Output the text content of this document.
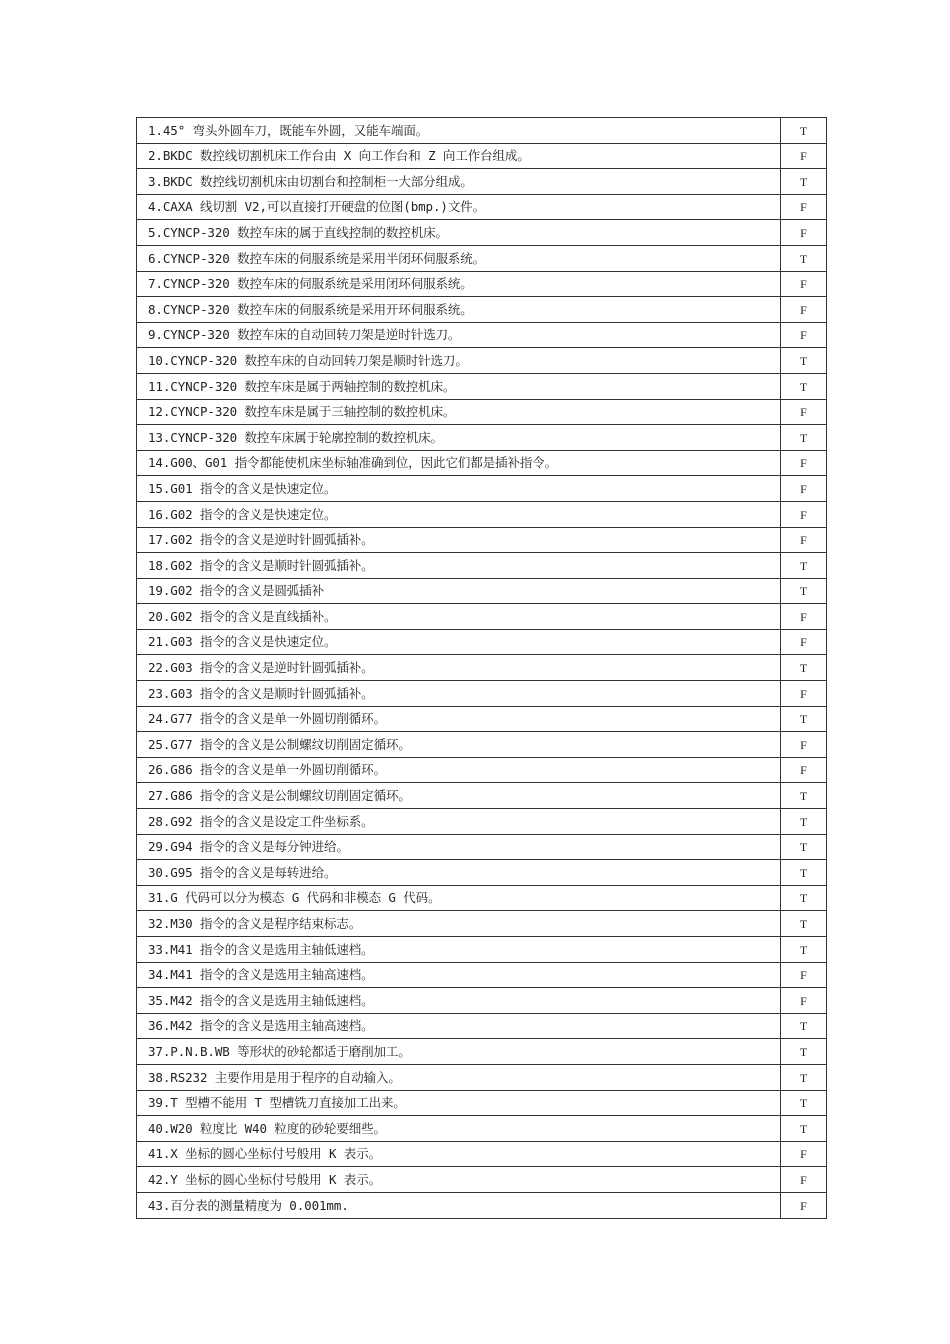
1.45° 弯头外圆车刀，既能车外圆，又能车端面。	T
2.BKDC 数控线切割机床工作台由 X 向工作台和 Z 向工作台组成。	F
3.BKDC 数控线切割机床由切割台和控制柜一大部分组成。	T
4.CAXA 线切割 V2,可以直接打开硬盘的位图(bmp.)文件。	F
5.CYNCP-320 数控车床的属于直线控制的数控机床。	F
6.CYNCP-320 数控车床的伺服系统是采用半闭环伺服系统。	T
7.CYNCP-320 数控车床的伺服系统是采用闭环伺服系统。	F
8.CYNCP-320 数控车床的伺服系统是采用开环伺服系统。	F
9.CYNCP-320 数控车床的自动回转刀架是逆时针选刀。	F
10.CYNCP-320 数控车床的自动回转刀架是顺时针选刀。	T
11.CYNCP-320 数控车床是属于两轴控制的数控机床。	T
12.CYNCP-320 数控车床是属于三轴控制的数控机床。	F
13.CYNCP-320 数控车床属于轮廓控制的数控机床。	T
14.G00、G01 指令都能使机床坐标轴准确到位，因此它们都是插补指令。	F
15.G01 指令的含义是快速定位。	F
16.G02 指令的含义是快速定位。	F
17.G02 指令的含义是逆时针圆弧插补。	F
18.G02 指令的含义是顺时针圆弧插补。	T
19.G02 指令的含义是圆弧插补	T
20.G02 指令的含义是直线插补。	F
21.G03 指令的含义是快速定位。	F
22.G03 指令的含义是逆时针圆弧插补。	T
23.G03 指令的含义是顺时针圆弧插补。	F
24.G77 指令的含义是单一外圆切削循环。	T
25.G77 指令的含义是公制螺纹切削固定循环。	F
26.G86 指令的含义是单一外圆切削循环。	F
27.G86 指令的含义是公制螺纹切削固定循环。	T
28.G92 指令的含义是设定工件坐标系。	T
29.G94 指令的含义是每分钟进给。	T
30.G95 指令的含义是每转进给。	T
31.G 代码可以分为模态 G 代码和非模态 G 代码。	T
32.M30 指令的含义是程序结束标志。	T
33.M41 指令的含义是选用主轴低速档。	T
34.M41 指令的含义是选用主轴高速档。	F
35.M42 指令的含义是选用主轴低速档。	F
36.M42 指令的含义是选用主轴高速档。	T
37.P.N.B.WB 等形状的砂轮都适于磨削加工。	T
38.RS232 主要作用是用于程序的自动输入。	T
39.T 型槽不能用 T 型槽铣刀直接加工出来。	T
40.W20 粒度比 W40 粒度的砂轮要细些。	T
41.X 坐标的圆心坐标付号般用 K 表示。	F
42.Y 坐标的圆心坐标付号般用 K 表示。	F
43.百分表的测量精度为 0.001mm.	F
